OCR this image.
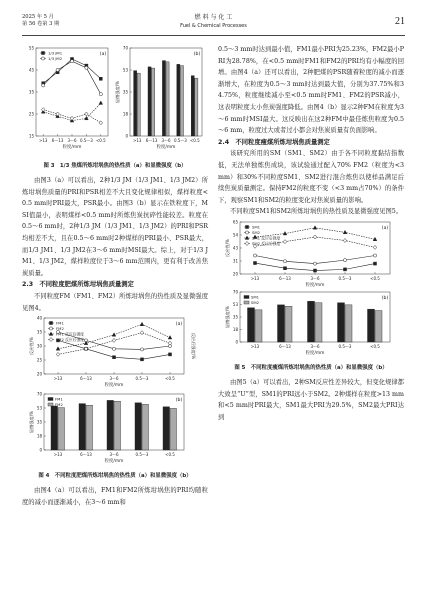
2025 年 5 月
第 56 卷第 3 期
燃 料 与 化 工
Fuel & Chemical Processes	21
>13 6～13 3～6 0.5～3 <0.5
15
25
35
45
55
粒度/mm
(a)
1/3 JM1
1/3 JM2
>13 6～13 3～6 0.5～3 <0.5
0
18
35
53
70
粒度/mm
显微强度/%
(b)
图 3　1/3 焦煤所炼坩埚焦的热性质（a）和显微强度（b）

由图3（a）可以看出，2种1/3 JM（1/3 JM1、1/3 JM2）所炼坩埚焦质量的PRI和PSR相差不大且变化规律相似，煤样粒度<0.5 mm时PRI最大，PSR最小。由图3（b）显示在铁粒度下，MSI值最小，表明煤样<0.5 mm时所炼焦炭抗碎性能较差。粒度在0.5～6 mm时，2种1/3 JM（1/3 JM1、1/3 JM2）的PRI和PSR均相差不大，且在0.5～6 mm时2种煤样的PRI最小、PSR最大，而1/3 JM1、1/3 JM2在3～6 mm时MSI最大。综上，对于1/3 JM1、1/3 JM2，煤样粒度位于3～6 mm范围内，更有利于改善焦炭质量。

2.3　不同粒度肥煤所炼坩埚焦质量测定

不同粒度FM（FM1、FM2）所炼坩埚焦的热性质及显微强度见图4。

>13	6～13	3～6	0.5～3	<0.5
20
25
30
35
40
粒度/mm
反应性/%	反应后强度/%
(a)
FM1
FM2
FM1 反应后强度
FM2 反应后强度
>13	6～13	3～6	0.5～3	<0.5
0
18
35
53
70
粒度/mm
显微强度/%
(b)
FM1
FM2
图 4　不同粒度肥煤所炼坩埚焦的热性质（a）和显微强度（b）

由图4（a）可以看出，FM1和FM2所炼坩埚焦的PRI均随粒度的减小而逐渐减小，在3～6 mm和

0.5～3 mm时达到最小值，FM1最小PRI为25.23%，FM2最小PRI为28.78%，在<0.5 mm时FM1和FM2的PRI均有小幅度的回增。由图4（a）还可以看出，2种肥煤的PSR随着粒度的减小而逐渐增大，在粒度为0.5～3 mm时达到最大值，分别为37.75%和34.75%，粒度继续减小至<0.5 mm时FM1、FM2的PSR减小，这表明粒度太小焦炭强度降低。由图4（b）显示2种FM在粒度为3～6 mm时MSI最大。这反映出在这2种FM中最佳炼焦粒度为0.5～6 mm，粒度过大或者过小都会对焦炭质量有负面影响。

2.4　不同粒度瘦煤所炼坩埚焦质量测定

该研究所用的SM（SM1、SM2）由于各不同粒度黏结指数低，无法单独炼焦成块，该试验通过配入70% FM2（粒度为<3 mm）和30%不同粒度SM1、SM2进行混合炼焦以使样品满足后续焦炭质量测定。保持FM2的粒度不变（<3 mm占70%）的条件下，观察SM1和SM2的粒度变化对焦炭质量的影响。

不同粒度SM1和SM2所炼坩埚焦的热性质及显微强度见图5。

>13	6～13	3～6	0.5～3	<0.5
20
31
43
54
65
粒度/mm
反应性/%
(a)
SM1
SM2
SM1 反应后强度
SM2 反应后强度
>13	6～13	3～6	0.5～3	<0.5
0
18
35
53
70
粒度/mm
显微强度/%
(b)
SM1
SM2
图 5　不同粒度瘦煤所炼坩埚焦的热性质（a）和显微强度（b）

由图5（a）可以看出，2种SM反应性差异较大，但变化规律都大致呈“U”型，SM1的PRI远小于SM2。2种煤样在粒度>13 mm和<5 mm时PRI最大，SM1最大PRI为29.5%，SM2最大PRI达到
